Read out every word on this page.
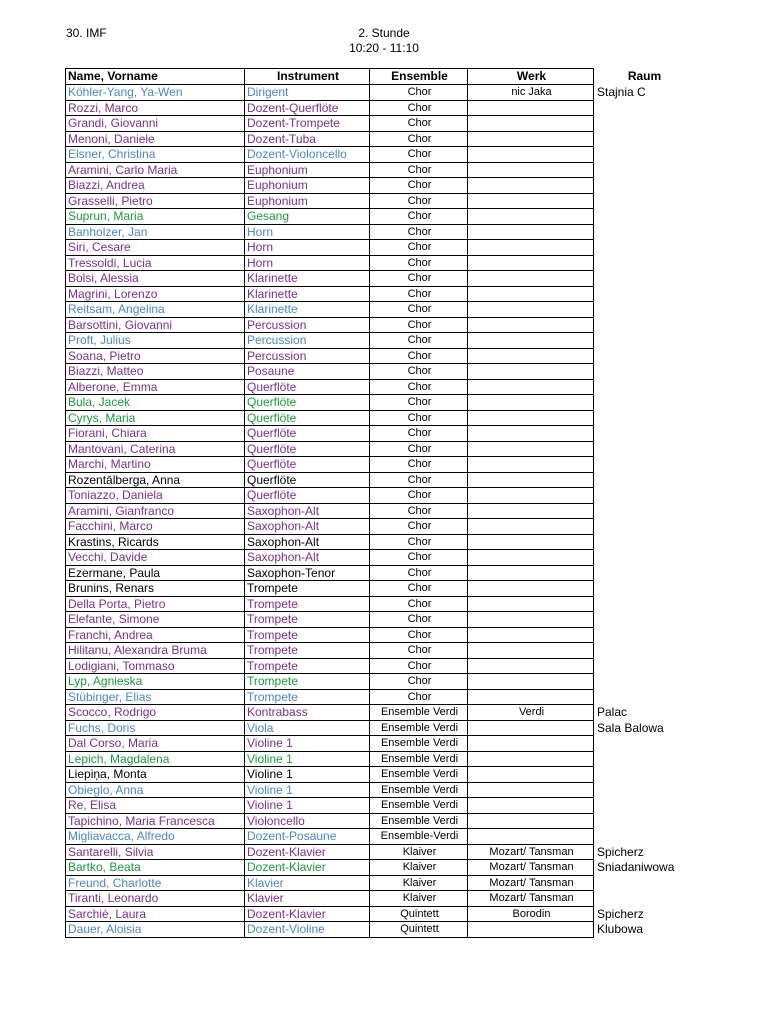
30. IMF	2. Stunde
10:20 - 11:10
Name, Vorname	Instrument	Ensemble	Werk	Raum
Köhler-Yang, Ya-Wen	Dirigent	Chor	nic Jaka	Stajnia C
Rozzi, Marco	Dozent-Querflöte	Chor		
Grandi, Giovanni	Dozent-Trompete	Chor		
Menoni, Daniele	Dozent-Tuba	Chor		
Elsner, Christina	Dozent-Violoncello	Chor		
Aramini, Carlo Maria	Euphonium	Chor		
Biazzi, Andrea	Euphonium	Chor		
Grasselli, Pietro	Euphonium	Chor		
Suprun, Maria	Gesang	Chor		
Banholzer, Jan	Horn	Chor		
Siri, Cesare	Horn	Chor		
Tressoldi, Lucia	Horn	Chor		
Bolsi, Alessia	Klarinette	Chor		
Magrini, Lorenzo	Klarinette	Chor		
Reitsam, Angelina	Klarinette	Chor		
Barsottini, Giovanni	Percussion	Chor		
Proft, Julius	Percussion	Chor		
Soana, Pietro	Percussion	Chor		
Biazzi, Matteo	Posaune	Chor		
Alberone, Emma	Querflöte	Chor		
Bula, Jacek	Querflöte	Chor		
Cyrys, Maria	Querflöte	Chor		
Fiorani, Chiara	Querflöte	Chor		
Mantovani, Caterina	Querflöte	Chor		
Marchi, Martino	Querflöte	Chor		
Rozentālberga, Anna	Querflöte	Chor		
Toniazzo, Daniela	Querflöte	Chor		
Aramini, Gianfranco	Saxophon-Alt	Chor		
Facchini, Marco	Saxophon-Alt	Chor		
Krastins, Ricards	Saxophon-Alt	Chor		
Vecchi, Davide	Saxophon-Alt	Chor		
Ezermane, Paula	Saxophon-Tenor	Chor		
Brunins, Renars	Trompete	Chor		
Della Porta, Pietro	Trompete	Chor		
Elefante, Simone	Trompete	Chor		
Franchi, Andrea	Trompete	Chor		
Hilitanu, Alexandra Bruma	Trompete	Chor		
Lodigiani, Tommaso	Trompete	Chor		
Lyp, Agnieska	Trompete	Chor		
Stübinger, Elias	Trompete	Chor		
Scocco, Rodrigo	Kontrabass	Ensemble Verdi	Verdi	Palac
Fuchs, Doris	Viola	Ensemble Verdi		Sala Balowa
Dal Corso, Maria	Violine 1	Ensemble Verdi		
Lepich, Magdalena	Violine 1	Ensemble Verdi		
Liepiņa, Monta	Violine 1	Ensemble Verdi		
Obieglo, Anna	Violine 1	Ensemble Verdi		
Re, Elisa	Violine 1	Ensemble Verdi		
Tapichino, Maria Francesca	Violoncello	Ensemble Verdi		
Migliavacca, Alfredo	Dozent-Posaune	Ensemble-Verdi		
Santarelli, Silvia	Dozent-Klavier	Klaiver	Mozart/ Tansman	Spicherz
Bartko, Beata	Dozent-Klavier	Klaiver	Mozart/ Tansman	Sniadaniwowa
Freund, Charlotte	Klavier	Klaiver	Mozart/ Tansman	
Tiranti, Leonardo	Klavier	Klaiver	Mozart/ Tansman	
Sarchiè, Laura	Dozent-Klavier	Quintett	Borodin	Spicherz
Dauer, Aloisia	Dozent-Violine	Quintett		Klubowa
